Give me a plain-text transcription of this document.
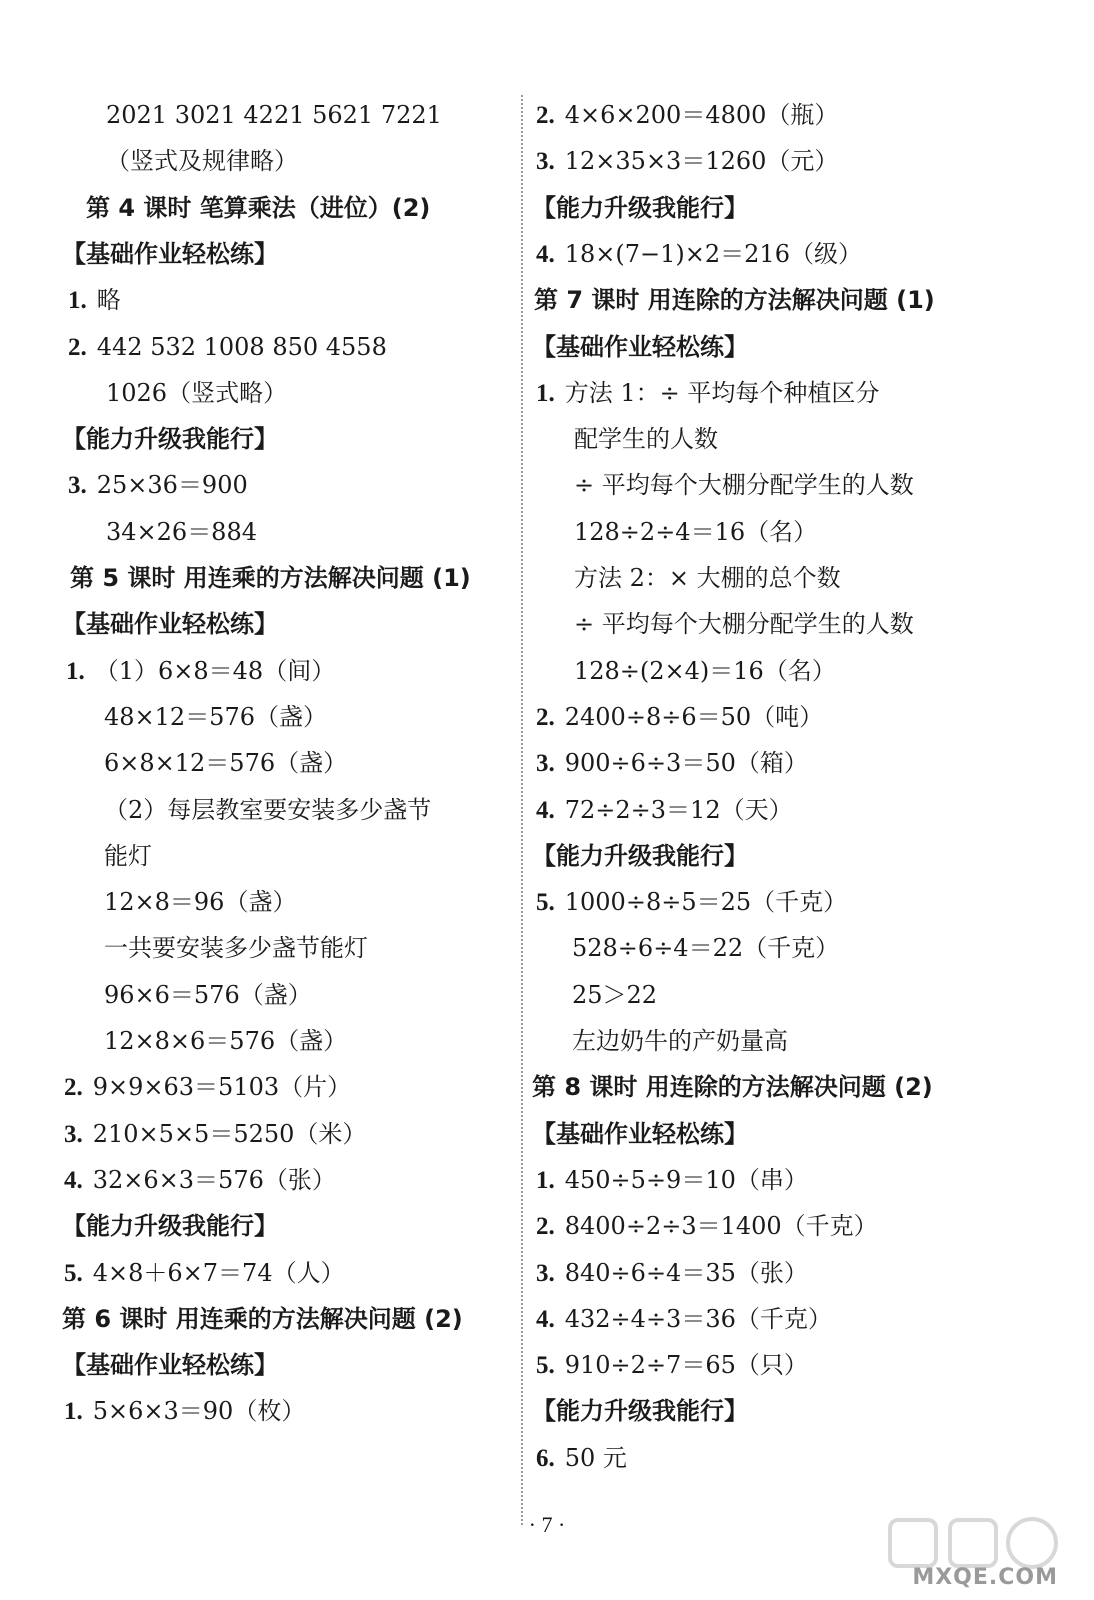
2021 3021 4221 5621 7221
（竖式及规律略）
第 4 课时 笔算乘法（进位）(2)
【基础作业轻松练】
1. 略
2. 442 532 1008 850 4558
1026（竖式略）
【能力升级我能行】
3. 25×36＝900
34×26＝884
第 5 课时 用连乘的方法解决问题 (1)
【基础作业轻松练】
1. （1）6×8＝48（间）
48×12＝576（盏）
6×8×12＝576（盏）
（2）每层教室要安装多少盏节
能灯
12×8＝96（盏）
一共要安装多少盏节能灯
96×6＝576（盏）
12×8×6＝576（盏）
2. 9×9×63＝5103（片）
3. 210×5×5＝5250（米）
4. 32×6×3＝576（张）
【能力升级我能行】
5. 4×8＋6×7＝74（人）
第 6 课时 用连乘的方法解决问题 (2)
【基础作业轻松练】
1. 5×6×3＝90（枚）
2. 4×6×200＝4800（瓶）
3. 12×35×3＝1260（元）
【能力升级我能行】
4. 18×(7−1)×2＝216（级）
第 7 课时 用连除的方法解决问题 (1)
【基础作业轻松练】
1. 方法 1：÷ 平均每个种植区分
配学生的人数
÷ 平均每个大棚分配学生的人数
128÷2÷4＝16（名）
方法 2：× 大棚的总个数
÷ 平均每个大棚分配学生的人数
128÷(2×4)＝16（名）
2. 2400÷8÷6＝50（吨）
3. 900÷6÷3＝50（箱）
4. 72÷2÷3＝12（天）
【能力升级我能行】
5. 1000÷8÷5＝25（千克）
528÷6÷4＝22（千克）
25＞22
左边奶牛的产奶量高
第 8 课时 用连除的方法解决问题 (2)
【基础作业轻松练】
1. 450÷5÷9＝10（串）
2. 8400÷2÷3＝1400（千克）
3. 840÷6÷4＝35（张）
4. 432÷4÷3＝36（千克）
5. 910÷2÷7＝65（只）
【能力升级我能行】
6. 50 元
· 7 ·
MXQE.COM
